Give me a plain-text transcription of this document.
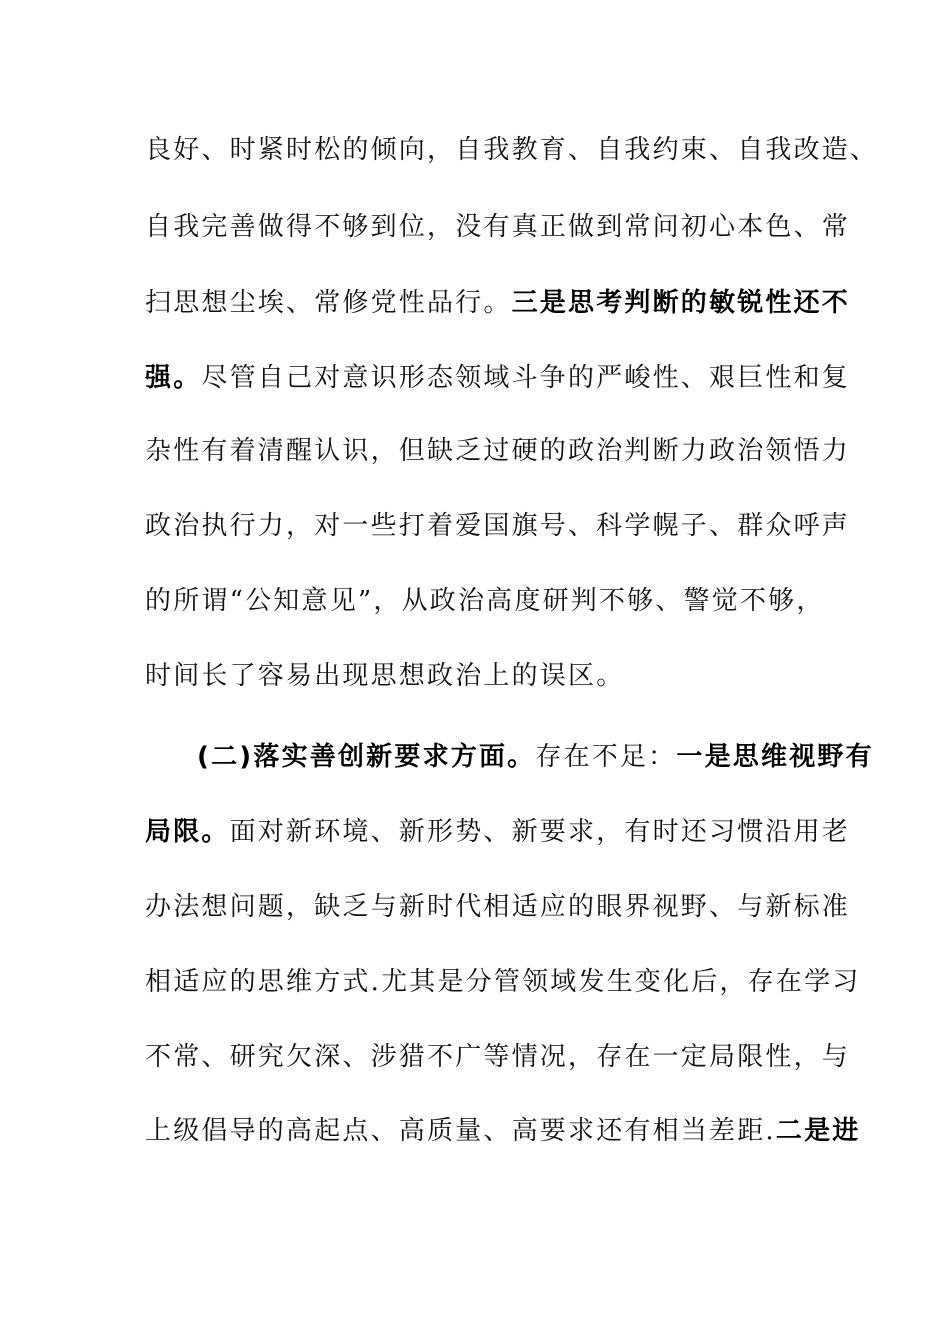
良好、时紧时松的倾向，自我教育、自我约束、自我改造、
自我完善做得不够到位，没有真正做到常问初心本色、常
扫思想尘埃、常修党性品行。三是思考判断的敏锐性还不
强。尽管自己对意识形态领域斗争的严峻性、艰巨性和复
杂性有着清醒认识，但缺乏过硬的政治判断力政治领悟力
政治执行力，对一些打着爱国旗号、科学幌子、群众呼声
的所谓“公知意见”，从政治高度研判不够、警觉不够，
时间长了容易出现思想政治上的误区。
(二)落实善创新要求方面。存在不足：一是思维视野有
局限。面对新环境、新形势、新要求，有时还习惯沿用老
办法想问题，缺乏与新时代相适应的眼界视野、与新标准
相适应的思维方式.尤其是分管领域发生变化后，存在学习
不常、研究欠深、涉猎不广等情况，存在一定局限性，与
上级倡导的高起点、高质量、高要求还有相当差距.二是进
